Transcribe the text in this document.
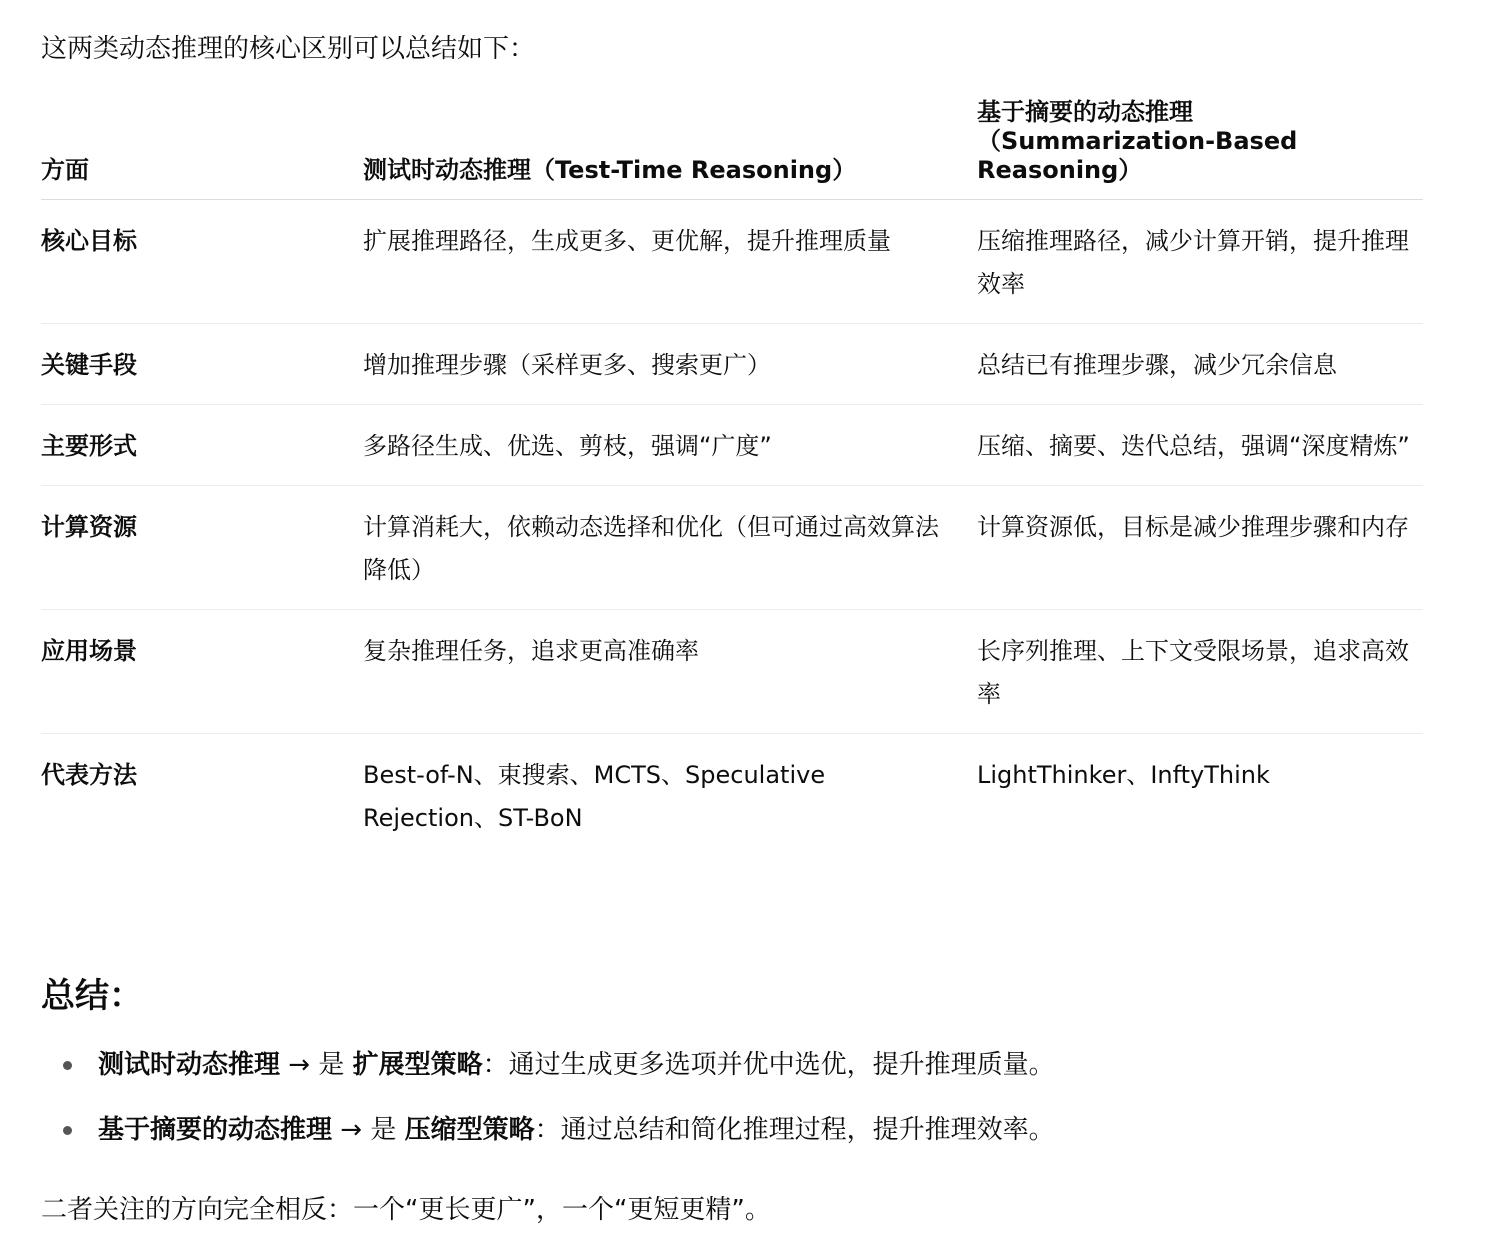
这两类动态推理的核心区别可以总结如下：
方面	测试时动态推理（Test-Time Reasoning）	基于摘要的动态推理（Summarization-Based Reasoning）
核心目标	扩展推理路径，生成更多、更优解，提升推理质量	压缩推理路径，减少计算开销，提升推理效率
关键手段	增加推理步骤（采样更多、搜索更广）	总结已有推理步骤，减少冗余信息
主要形式	多路径生成、优选、剪枝，强调“广度”	压缩、摘要、迭代总结，强调“深度精炼”
计算资源	计算消耗大，依赖动态选择和优化（但可通过高效算法降低）	计算资源低，目标是减少推理步骤和内存
应用场景	复杂推理任务，追求更高准确率	长序列推理、上下文受限场景，追求高效率
代表方法	Best-of-N、束搜索、MCTS、Speculative Rejection、ST-BoN	LightThinker、InftyThink
总结：
测试时动态推理 → 是 扩展型策略：通过生成更多选项并优中选优，提升推理质量。
基于摘要的动态推理 → 是 压缩型策略：通过总结和简化推理过程，提升推理效率。
二者关注的方向完全相反：一个“更长更广”，一个“更短更精”。
